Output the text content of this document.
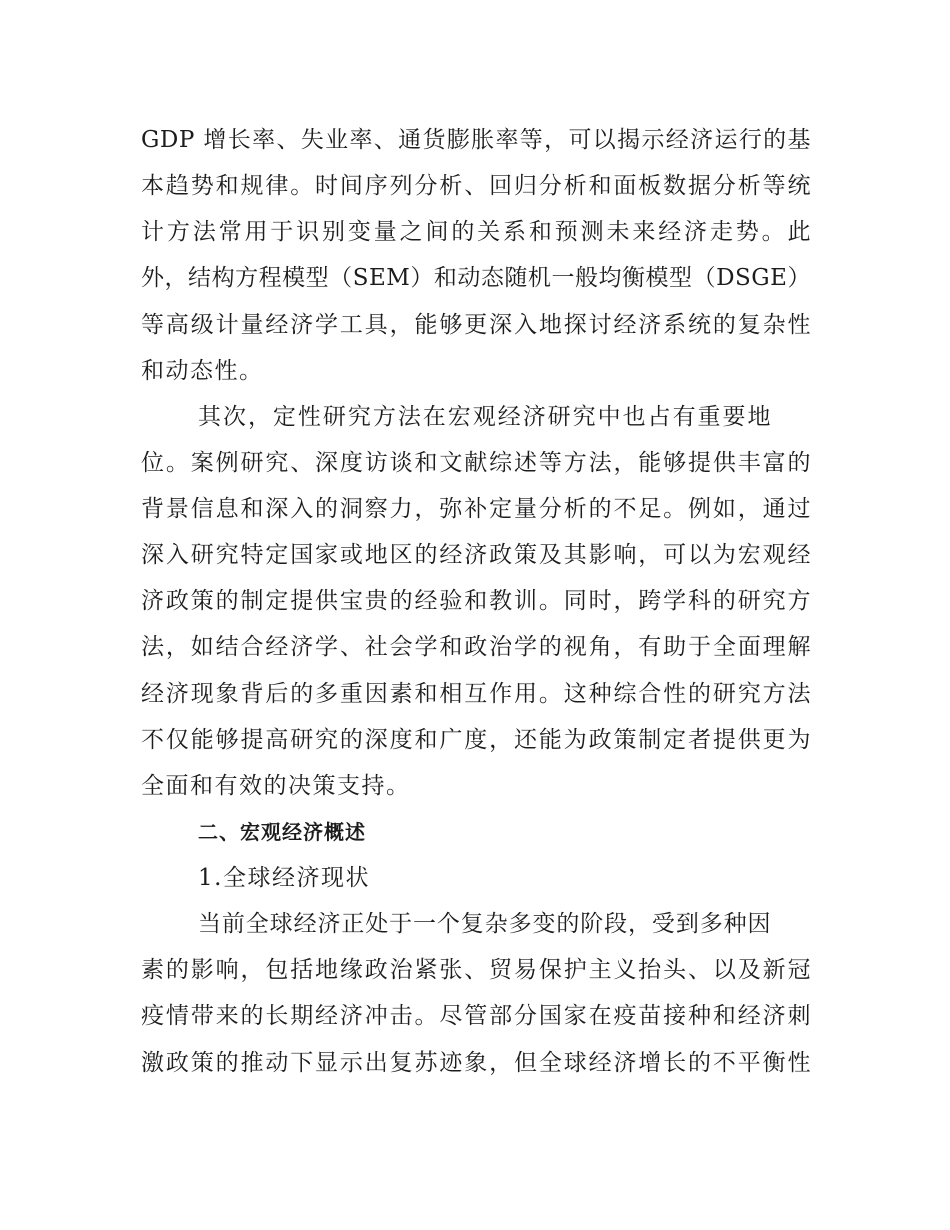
GDP 增长率、失业率、通货膨胀率等，可以揭示经济运行的基
本趋势和规律。时间序列分析、回归分析和面板数据分析等统
计方法常用于识别变量之间的关系和预测未来经济走势。此
外，结构方程模型（SEM）和动态随机一般均衡模型（DSGE）
等高级计量经济学工具，能够更深入地探讨经济系统的复杂性
和动态性。
其次，定性研究方法在宏观经济研究中也占有重要地
位。案例研究、深度访谈和文献综述等方法，能够提供丰富的
背景信息和深入的洞察力，弥补定量分析的不足。例如，通过
深入研究特定国家或地区的经济政策及其影响，可以为宏观经
济政策的制定提供宝贵的经验和教训。同时，跨学科的研究方
法，如结合经济学、社会学和政治学的视角，有助于全面理解
经济现象背后的多重因素和相互作用。这种综合性的研究方法
不仅能够提高研究的深度和广度，还能为政策制定者提供更为
全面和有效的决策支持。
二、宏观经济概述
1.全球经济现状
当前全球经济正处于一个复杂多变的阶段，受到多种因
素的影响，包括地缘政治紧张、贸易保护主义抬头、以及新冠
疫情带来的长期经济冲击。尽管部分国家在疫苗接种和经济刺
激政策的推动下显示出复苏迹象，但全球经济增长的不平衡性
